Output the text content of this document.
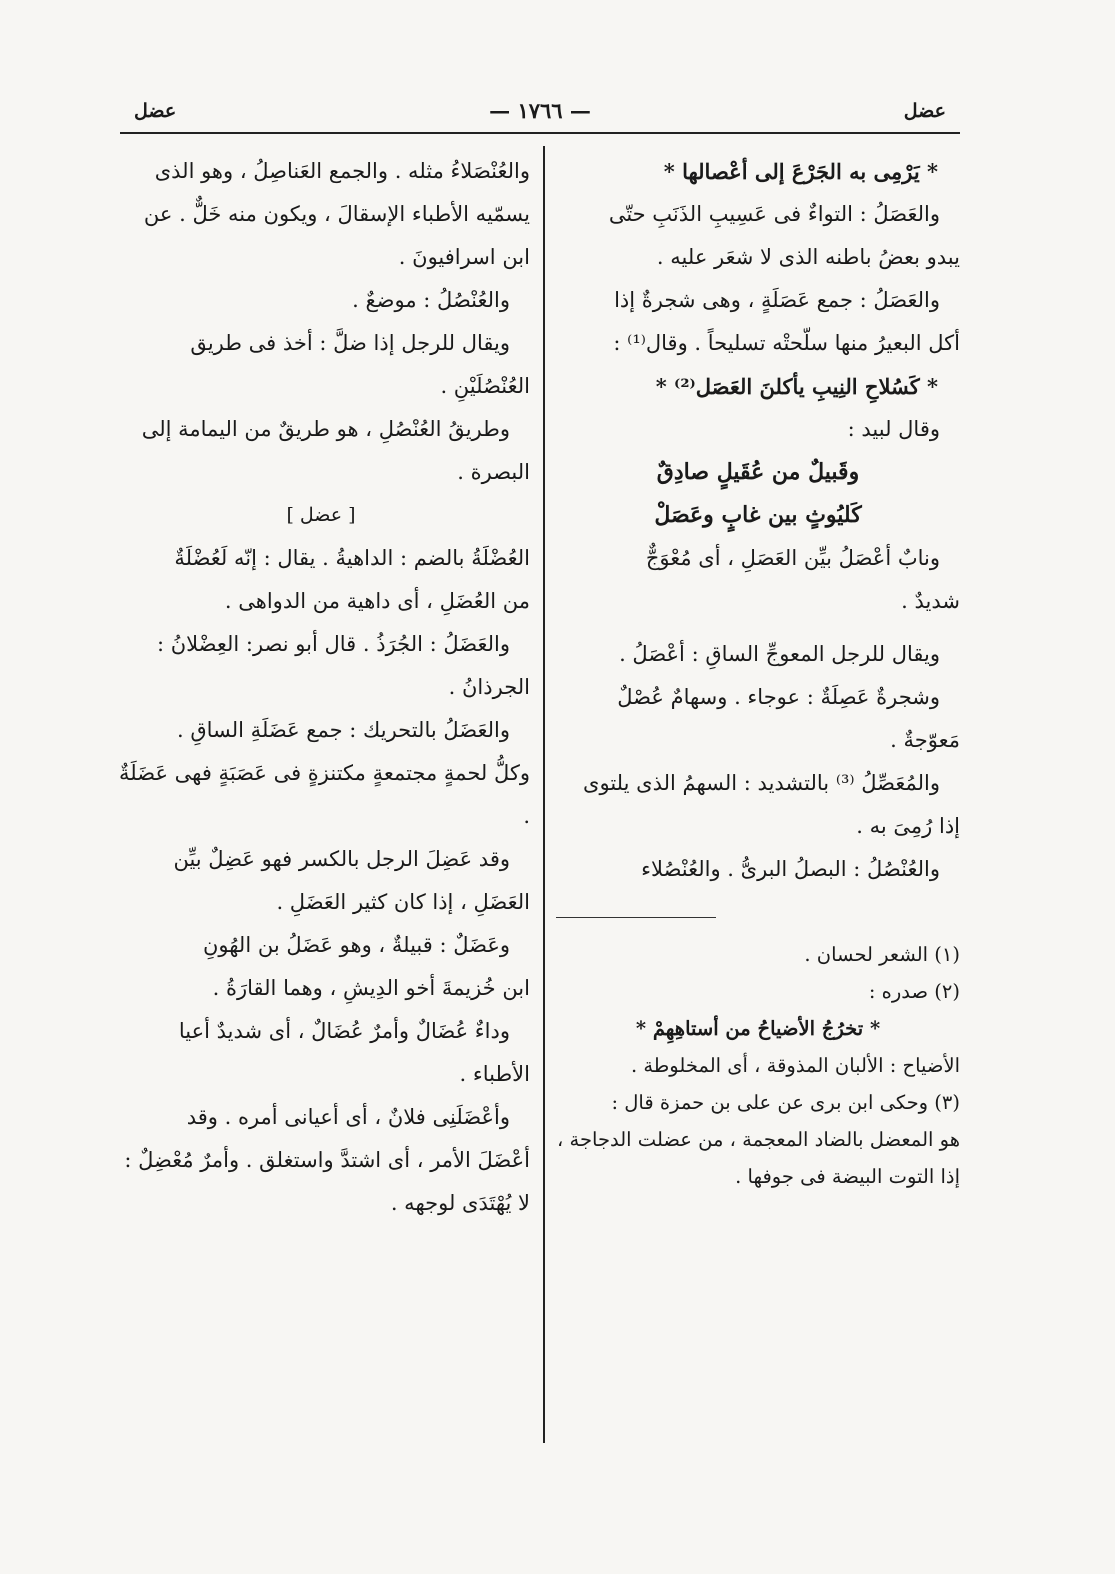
عضل
— ١٧٦٦ —
عضل

* يَرْمِى به الجَرْعَ إلى أعْصالها *

والعَصَلُ : التواءٌ فى عَسِيبِ الذَنَبِ حتّى

يبدو بعضُ باطنه الذى لا شعَر عليه .

والعَصَلُ : جمع عَصَلَةٍ ، وهى شجرةٌ إذا

أكل البعيرُ منها سلّحتْه تسليحاً . وقال⁽¹⁾ :

* كَسُلاحِ النِيبِ يأكلنَ العَصَل⁽²⁾ *

وقال لبيد :

وقَبيلٌ من عُقَيلٍ صادِقٌ

كَليُوثٍ بين غابٍ وعَصَلْ

ونابٌ أعْصَلُ بيِّن العَصَلِ ، أى مُعْوَجٌّ

شديدٌ .

ويقال للرجل المعوجِّ الساقِ : أعْصَلُ .

وشجرةٌ عَصِلَةٌ : عوجاء . وسهامٌ عُصْلٌ

مَعوّجةٌ .

والمُعَصِّلُ ⁽³⁾ بالتشديد : السهمُ الذى يلتوى

إذا رُمِىَ به .

والعُنْصُلُ : البصلُ البرىُّ . والعُنْصُلاء

(١) الشعر لحسان .

(٢) صدره :

* تخرُجُ الأضياحُ من أستاهِهِمْ *

الأضياح : الألبان المذوقة ، أى المخلوطة .

(٣) وحكى ابن برى عن على بن حمزة قال :

هو المعضل بالضاد المعجمة ، من عضلت الدجاجة ،

إذا التوت البيضة فى جوفها .

والعُنْصَلاءُ مثله . والجمع العَناصِلُ ، وهو الذى

يسمّيه الأطباء الإسقالَ ، ويكون منه خَلٌّ . عن

ابن اسرافيونَ .

والعُنْصُلُ : موضعٌ .

ويقال للرجل إذا ضلَّ : أخذ فى طريق

العُنْصُلَيْنِ .

وطريقُ العُنْصُلِ ، هو طريقٌ من اليمامة إلى

البصرة .

[ عضل ]

العُضْلَةُ بالضم : الداهيةُ . يقال : إنّه لَعُضْلَةٌ

من العُضَلِ ، أى داهية من الدواهى .

والعَضَلُ : الجُرَذُ . قال أبو نصر: العِضْلانُ :

الجرذانُ .

والعَضَلُ بالتحريك : جمع عَضَلَةِ الساقِ .

وكلُّ لحمةٍ مجتمعةٍ مكتنزةٍ فى عَصَبَةٍ فهى عَضَلَةٌ .

وقد عَضِلَ الرجل بالكسر فهو عَضِلٌ بيِّن

العَضَلِ ، إذا كان كثير العَضَلِ .

وعَضَلٌ : قبيلةٌ ، وهو عَضَلُ بن الهُونِ

ابن خُزيمةَ أخو الدِيشِ ، وهما القارَةُ .

وداءٌ عُضَالٌ وأمرٌ عُضَالٌ ، أى شديدٌ أعيا

الأطباء .

وأعْضَلَنِى فلانٌ ، أى أعيانى أمره . وقد

أعْضَلَ الأمر ، أى اشتدَّ واستغلق . وأمرٌ مُعْضِلٌ :

لا يُهْتَدَى لوجهه .
